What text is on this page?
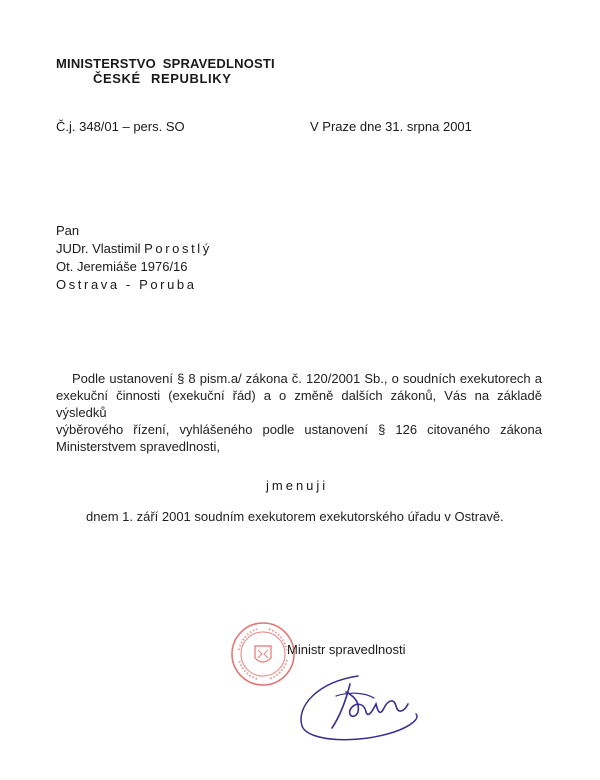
MINISTERSTVO SPRAVEDLNOSTI
ČESKÉ REPUBLIKY
Č.j. 348/01 – pers. SO	V Praze dne 31. srpna 2001
Pan
JUDr. Vlastimil Porostlý
Ot. Jeremiáše 1976/16
Ostrava - Poruba
Podle ustanovení § 8 pism.a/ zákona č. 120/2001 Sb., o soudních exekutorech a
exekuční činnosti (exekuční řád) a o změně dalších zákonů, Vás na základě výsledků
výběrového řízení, vyhlášeného podle ustanovení § 126 citovaného zákona
Ministerstvem spravedlnosti,
jmenuji
dnem 1. září 2001 soudním exekutorem exekutorského úřadu v Ostravě.
Ministr spravedlnosti
